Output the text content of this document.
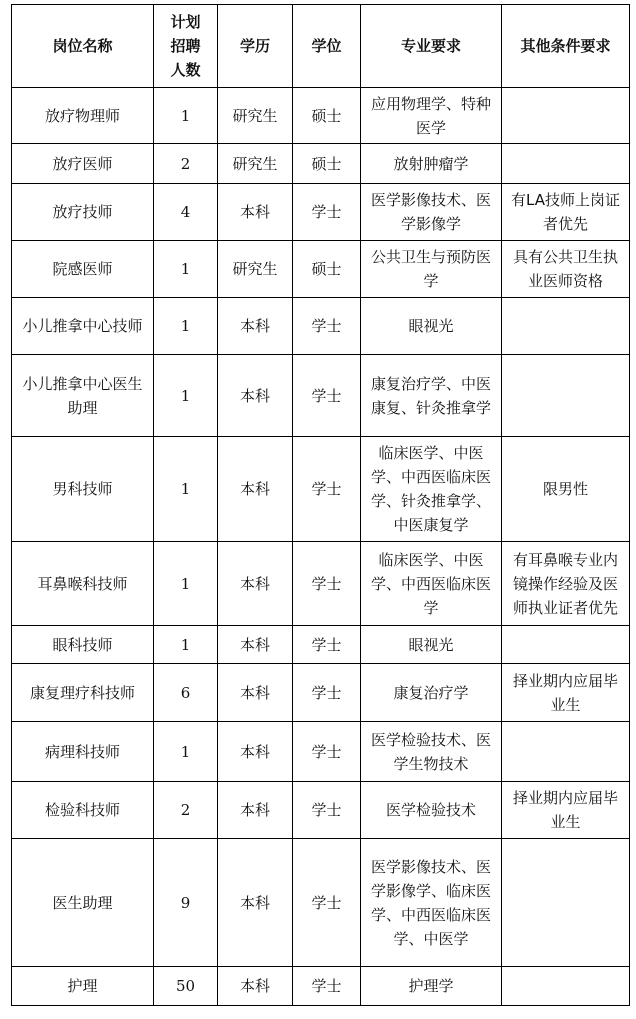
岗位名称	计划招聘人数	学历	学位	专业要求	其他条件要求
放疗物理师	1	研究生	硕士	应用物理学、特种医学	
放疗医师	2	研究生	硕士	放射肿瘤学	
放疗技师	4	本科	学士	医学影像技术、医学影像学	有LA技师上岗证者优先
院感医师	1	研究生	硕士	公共卫生与预防医学	具有公共卫生执业医师资格
小儿推拿中心技师	1	本科	学士	眼视光	
小儿推拿中心医生助理	1	本科	学士	康复治疗学、中医康复、针灸推拿学	
男科技师	1	本科	学士	临床医学、中医学、中西医临床医学、针灸推拿学、中医康复学	限男性
耳鼻喉科技师	1	本科	学士	临床医学、中医学、中西医临床医学	有耳鼻喉专业内镜操作经验及医师执业证者优先
眼科技师	1	本科	学士	眼视光	
康复理疗科技师	6	本科	学士	康复治疗学	择业期内应届毕业生
病理科技师	1	本科	学士	医学检验技术、医学生物技术	
检验科技师	2	本科	学士	医学检验技术	择业期内应届毕业生
医生助理	9	本科	学士	医学影像技术、医学影像学、临床医学、中西医临床医学、中医学	
护理	50	本科	学士	护理学	
